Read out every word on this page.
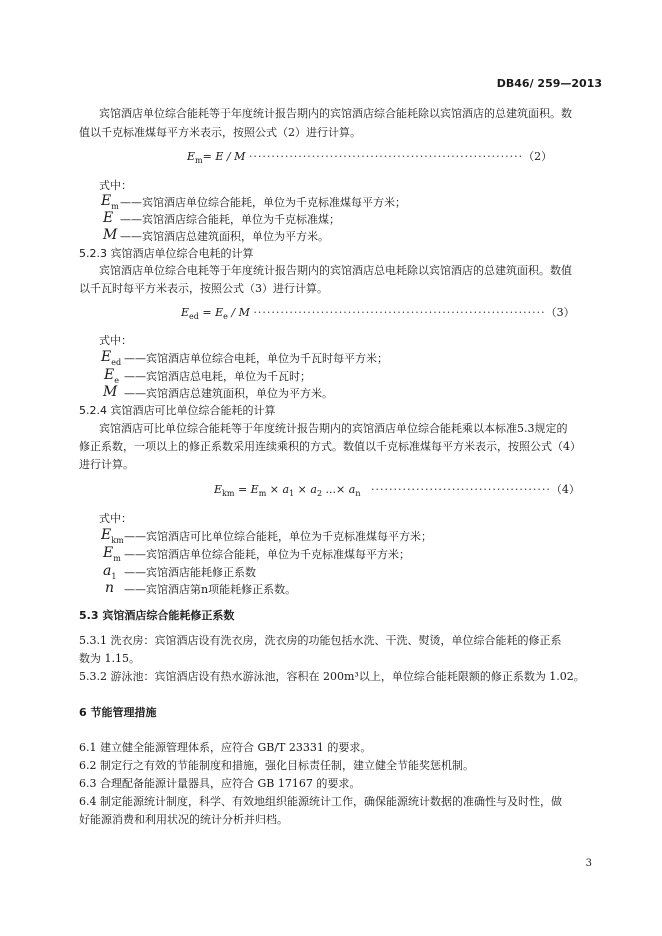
DB46/ 259—2013
宾馆酒店单位综合能耗等于年度统计报告期内的宾馆酒店综合能耗除以宾馆酒店的总建筑面积。数
值以千克标准煤每平方米表示，按照公式（2）进行计算。
$E_m= E / M \cdot\cdot\cdot\cdot\cdot\cdot\cdot\cdot\cdot\cdot\cdot\cdot\cdot\cdot\cdot\cdot\cdot\cdot\cdot\cdot\cdot\cdot\cdot\cdot\cdot\cdot\cdot\cdot\cdot\cdot\cdot\cdot\cdot\cdot\cdot\cdot\cdot\cdot\cdot\cdot\cdot\cdot\cdot\cdot\cdot\cdot\cdot\cdot\cdot\cdot\cdot\cdot\cdot\cdot\cdot\cdot\cdot\cdot\cdot\cdot\cdot(2)$
式中：
$E_m$ ——宾馆酒店单位综合能耗，单位为千克标准煤每平方米；
E ——宾馆酒店综合能耗，单位为千克标准煤；
M ——宾馆酒店总建筑面积，单位为平方米。
5.2.3 宾馆酒店单位综合电耗的计算
宾馆酒店单位综合电耗等于年度统计报告期内的宾馆酒店总电耗除以宾馆酒店的总建筑面积。数值
以千瓦时每平方米表示，按照公式（3）进行计算。
$E_{ed} = E_e / M \cdot\cdot\cdot\cdot\cdot\cdot\cdot\cdot\cdot\cdot\cdot\cdot\cdot\cdot\cdot\cdot\cdot\cdot\cdot\cdot\cdot\cdot\cdot\cdot\cdot\cdot\cdot\cdot\cdot\cdot\cdot\cdot\cdot\cdot\cdot\cdot\cdot\cdot\cdot\cdot\cdot\cdot\cdot\cdot\cdot\cdot\cdot\cdot\cdot\cdot\cdot\cdot\cdot\cdot\cdot\cdot\cdot\cdot\cdot\cdot\cdot\cdot\cdot\cdot\cdot(3)$
式中：
$E_{ed}$ ——宾馆酒店单位综合电耗，单位为千瓦时每平方米；
$E_e$ ——宾馆酒店总电耗，单位为千瓦时；
M ——宾馆酒店总建筑面积，单位为平方米。
5.2.4 宾馆酒店可比单位综合能耗的计算
宾馆酒店可比单位综合能耗等于年度统计报告期内的宾馆酒店单位综合能耗乘以本标准5.3规定的
修正系数，一项以上的修正系数采用连续乘积的方式。数值以千克标准煤每平方米表示，按照公式（4）
进行计算。
$E_{km} = E_m \times a_1 \times a_2$ ...× $a_n \cdot\cdot\cdot\cdot\cdot\cdot\cdot\cdot\cdot\cdot\cdot\cdot\cdot\cdot\cdot\cdot\cdot\cdot\cdot\cdot\cdot\cdot\cdot\cdot\cdot\cdot\cdot\cdot\cdot\cdot\cdot\cdot\cdot\cdot\cdot\cdot\cdot\cdot\cdot\cdot(4)$
式中：
$E_{km}$ ——宾馆酒店可比单位综合能耗，单位为千克标准煤每平方米；
$E_m$ ——宾馆酒店单位综合能耗，单位为千克标准煤每平方米；
$a_1$ ——宾馆酒店能耗修正系数
n ——宾馆酒店第n项能耗修正系数。
5.3 宾馆酒店综合能耗修正系数
5.3.1 洗衣房：宾馆酒店设有洗衣房，洗衣房的功能包括水洗、干洗、熨烫，单位综合能耗的修正系
数为 1.15。
5.3.2 游泳池：宾馆酒店设有热水游泳池，容积在 200m³以上，单位综合能耗限额的修正系数为 1.02。
6 节能管理措施
6.1 建立健全能源管理体系，应符合 GB/T 23331 的要求。
6.2 制定行之有效的节能制度和措施，强化目标责任制，建立健全节能奖惩机制。
6.3 合理配备能源计量器具，应符合 GB 17167 的要求。
6.4 制定能源统计制度，科学、有效地组织能源统计工作，确保能源统计数据的准确性与及时性，做
好能源消费和利用状况的统计分析并归档。
3
